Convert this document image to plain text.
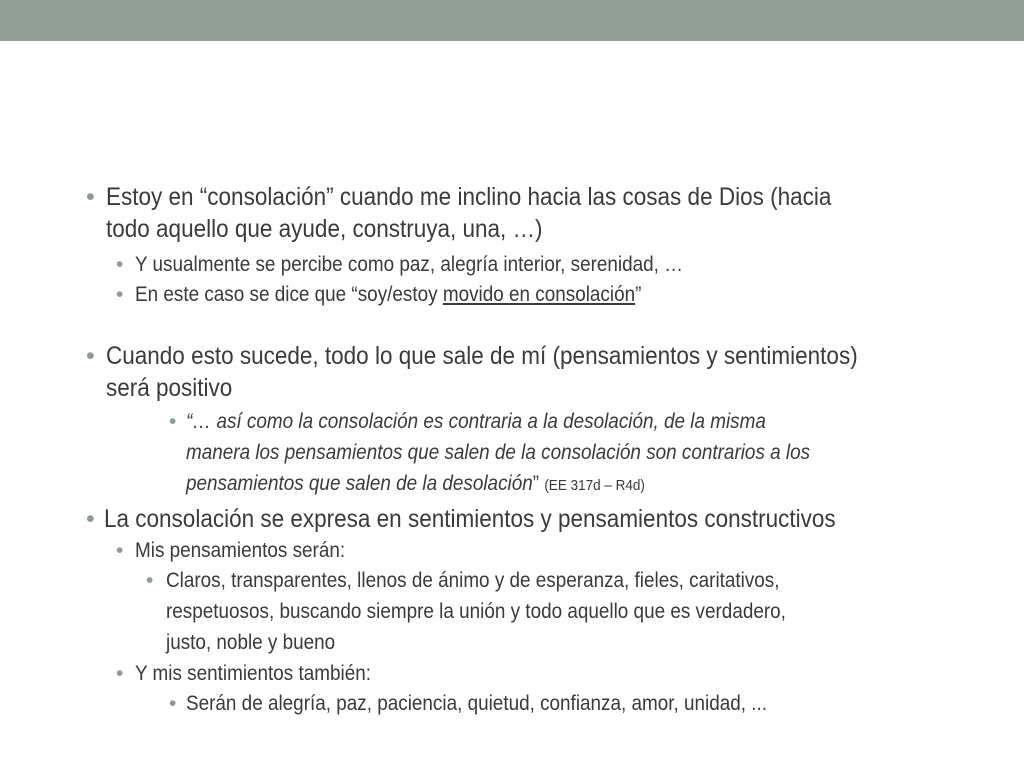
• Estoy en “consolación” cuando me inclino hacia las cosas de Dios (hacia
todo aquello que ayude, construya, una, …)
• Y usualmente se percibe como paz, alegría interior, serenidad, …
• En este caso se dice que “soy/estoy movido en consolación”
• Cuando esto sucede, todo lo que sale de mí (pensamientos y sentimientos)
será positivo
• “… así como la consolación es contraria a la desolación, de la misma
manera los pensamientos que salen de la consolación son contrarios a los
pensamientos que salen de la desolación” (EE 317d – R4d)
• La consolación se expresa en sentimientos y pensamientos constructivos
• Mis pensamientos serán:
• Claros, transparentes, llenos de ánimo y de esperanza, fieles, caritativos,
respetuosos, buscando siempre la unión y todo aquello que es verdadero,
justo, noble y bueno
• Y mis sentimientos también:
• Serán de alegría, paz, paciencia, quietud, confianza, amor, unidad, ...
